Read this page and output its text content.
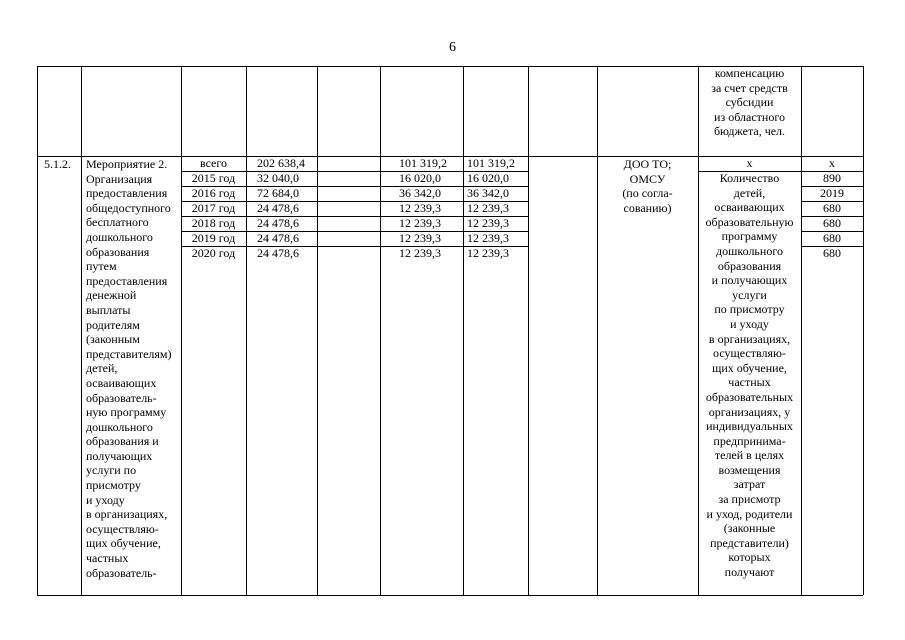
6
компенсацию
за счет средств
субсидии
из областного
бюджета, чел.
5.1.2. Мероприятие 2.
Организация
предоставления
общедоступного
бесплатного
дошкольного
образования
путем
предоставления
денежной
выплаты
родителям
(законным
представителям)
детей,
осваивающих
образователь-
ную программу
дошкольного
образования и
получающих
услуги по
присмотру
и уходу
в организациях,
осуществляю-
щих обучение,
частных
образователь-
всего
2015 год
2016 год
2017 год
2018 год
2019 год
2020 год
202 638,4
32 040,0
72 684,0
24 478,6
24 478,6
24 478,6
24 478,6
101 319,2
16 020,0
36 342,0
12 239,3
12 239,3
12 239,3
12 239,3
101 319,2
16 020,0
36 342,0
12 239,3
12 239,3
12 239,3
12 239,3
ДОО ТО;
ОМСУ
(по согла-
сованию)
х
Количество
детей,
осваивающих
образовательную
программу
дошкольного
образования
и получающих
услуги
по присмотру
и уходу
в организациях,
осуществляю-
щих обучение,
частных
образовательных
организациях, у
индивидуальных
предпринима-
телей в целях
возмещения
затрат
за присмотр
и уход, родители
(законные
представители)
которых
получают
х
890
2019
680
680
680
680
